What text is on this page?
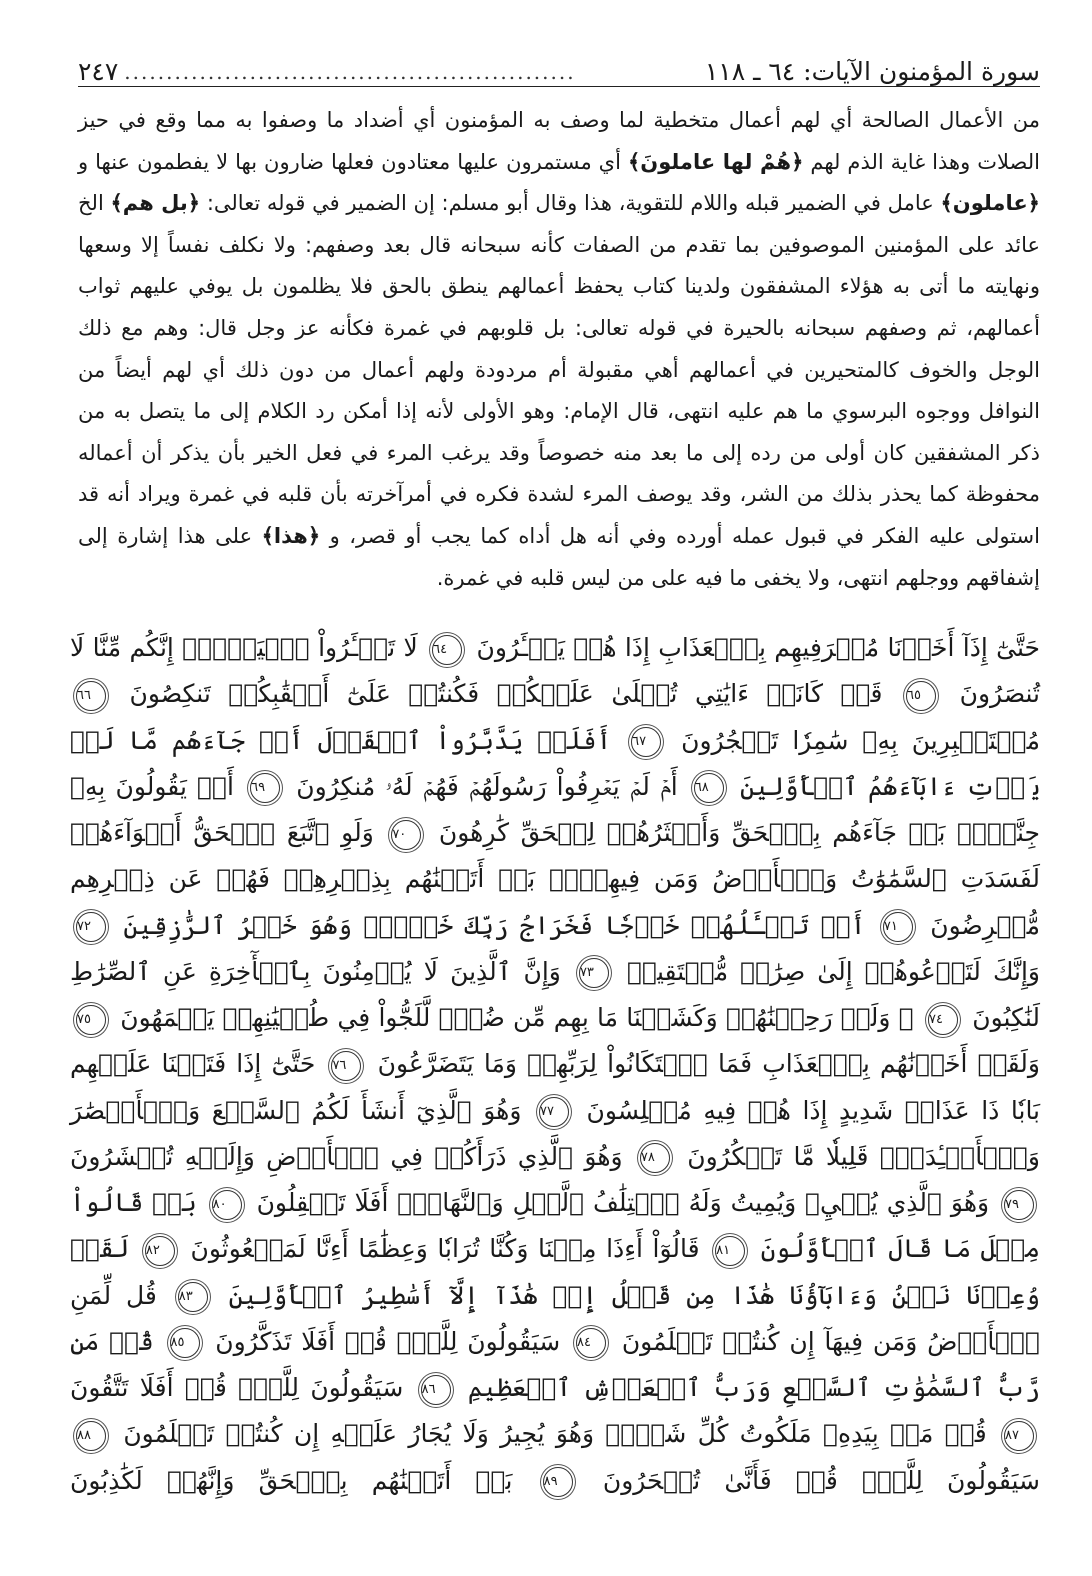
سورة المؤمنون الآيات: ٦٤ ـ ١١٨
......................................................
٢٤٧

من الأعمال الصالحة أي لهم أعمال متخطية لما وصف به المؤمنون أي أضداد ما وصفوا به مما وقع في حيز الصلات وهذا غاية الذم لهم ﴿هُمْ لها عاملونَ﴾ أي مستمرون عليها معتادون فعلها ضارون بها لا يفطمون عنها و ﴿عاملون﴾ عامل في الضمير قبله واللام للتقوية، هذا وقال أبو مسلم: إن الضمير في قوله تعالى: ﴿بل هم﴾ الخ عائد على المؤمنين الموصوفين بما تقدم من الصفات كأنه سبحانه قال بعد وصفهم: ولا نكلف نفساً إلا وسعها ونهايته ما أتى به هؤلاء المشفقون ولدينا كتاب يحفظ أعمالهم ينطق بالحق فلا يظلمون بل يوفي عليهم ثواب أعمالهم، ثم وصفهم سبحانه بالحيرة في قوله تعالى: بل قلوبهم في غمرة فكأنه عز وجل قال: وهم مع ذلك الوجل والخوف كالمتحيرين في أعمالهم أهي مقبولة أم مردودة ولهم أعمال من دون ذلك أي لهم أيضاً من النوافل ووجوه البرسوي ما هم عليه انتهى، قال الإمام: وهو الأولى لأنه إذا أمكن رد الكلام إلى ما يتصل به من ذكر المشفقين كان أولى من رده إلى ما بعد منه خصوصاً وقد يرغب المرء في فعل الخير بأن يذكر أن أعماله محفوظة كما يحذر بذلك من الشر، وقد يوصف المرء لشدة فكره في أمرآخرته بأن قلبه في غمرة ويراد أنه قد استولى عليه الفكر في قبول عمله أورده وفي أنه هل أداه كما يجب أو قصر، و ﴿هذا﴾ على هذا إشارة إلى إشفاقهم ووجلهم انتهى، ولا يخفى ما فيه على من ليس قلبه في غمرة.

حَتَّىٰٓ إِذَآ أَخَذۡنَا مُتۡرَفِيهِم بِٱلۡعَذَابِ إِذَا هُمۡ يَجۡـَٔرُونَ ٦٤ لَا تَجۡـَٔرُواْ ٱلۡيَوۡمَۖ إِنَّكُم مِّنَّا لَا تُنصَرُونَ ٦٥ قَدۡ كَانَتۡ ءَايَٰتِي تُتۡلَىٰ عَلَيۡكُمۡ فَكُنتُمۡ عَلَىٰٓ أَعۡقَٰبِكُمۡ تَنكِصُونَ ٦٦ مُسۡتَكۡبِرِينَ بِهِۦ سَٰمِرٗا تَهۡجُرُونَ ٦٧ أَفَلَمۡ يَدَّبَّرُواْ ٱلۡقَوۡلَ أَمۡ جَآءَهُم مَّا لَمۡ يَأۡتِ ءَابَآءَهُمُ ٱلۡأَوَّلِينَ ٦٨ أَمۡ لَمۡ يَعۡرِفُواْ رَسُولَهُمۡ فَهُمۡ لَهُۥ مُنكِرُونَ ٦٩ أَمۡ يَقُولُونَ بِهِۦ جِنَّةُۢۚ بَلۡ جَآءَهُم بِٱلۡحَقِّ وَأَكۡثَرُهُمۡ لِلۡحَقِّ كَٰرِهُونَ ٧٠ وَلَوِ ٱتَّبَعَ ٱلۡحَقُّ أَهۡوَآءَهُمۡ لَفَسَدَتِ ٱلسَّمَٰوَٰتُ وَٱلۡأَرۡضُ وَمَن فِيهِنَّۚ بَلۡ أَتَيۡنَٰهُم بِذِكۡرِهِمۡ فَهُمۡ عَن ذِكۡرِهِم مُّعۡرِضُونَ ٧١ أَمۡ تَسۡـَٔلُهُمۡ خَرۡجٗا فَخَرَاجُ رَبِّكَ خَيۡرٞۖ وَهُوَ خَيۡرُ ٱلرَّٰزِقِينَ ٧٢ وَإِنَّكَ لَتَدۡعُوهُمۡ إِلَىٰ صِرَٰطٖ مُّسۡتَقِيمٖ ٧٣ وَإِنَّ ٱلَّذِينَ لَا يُؤۡمِنُونَ بِٱلۡأٓخِرَةِ عَنِ ٱلصِّرَٰطِ لَنَٰكِبُونَ ٧٤ ۞ وَلَوۡ رَحِمۡنَٰهُمۡ وَكَشَفۡنَا مَا بِهِم مِّن ضُرّٖ لَّلَجُّواْ فِي طُغۡيَٰنِهِمۡ يَعۡمَهُونَ ٧٥ وَلَقَدۡ أَخَذۡنَٰهُم بِٱلۡعَذَابِ فَمَا ٱسۡتَكَانُواْ لِرَبِّهِمۡ وَمَا يَتَضَرَّعُونَ ٧٦ حَتَّىٰٓ إِذَا فَتَحۡنَا عَلَيۡهِم بَابٗا ذَا عَذَابٖ شَدِيدٍ إِذَا هُمۡ فِيهِ مُبۡلِسُونَ ٧٧ وَهُوَ ٱلَّذِيٓ أَنشَأَ لَكُمُ ٱلسَّمۡعَ وَٱلۡأَبۡصَٰرَ وَٱلۡأَفۡـِٔدَةَۚ قَلِيلٗا مَّا تَشۡكُرُونَ ٧٨ وَهُوَ ٱلَّذِي ذَرَأَكُمۡ فِي ٱلۡأَرۡضِ وَإِلَيۡهِ تُحۡشَرُونَ ٧٩ وَهُوَ ٱلَّذِي يُحۡيِۦ وَيُمِيتُ وَلَهُ ٱخۡتِلَٰفُ ٱلَّيۡلِ وَٱلنَّهَارِۚ أَفَلَا تَعۡقِلُونَ ٨٠ بَلۡ قَالُواْ مِثۡلَ مَا قَالَ ٱلۡأَوَّلُونَ ٨١ قَالُوٓاْ أَءِذَا مِتۡنَا وَكُنَّا تُرَابٗا وَعِظَٰمًا أَءِنَّا لَمَبۡعُوثُونَ ٨٢ لَقَدۡ وُعِدۡنَا نَحۡنُ وَءَابَآؤُنَا هَٰذَا مِن قَبۡلُ إِنۡ هَٰذَآ إِلَّآ أَسَٰطِيرُ ٱلۡأَوَّلِينَ ٨٣ قُل لِّمَنِ ٱلۡأَرۡضُ وَمَن فِيهَآ إِن كُنتُمۡ تَعۡلَمُونَ ٨٤ سَيَقُولُونَ لِلَّهِۚ قُلۡ أَفَلَا تَذَكَّرُونَ ٨٥ قُلۡ مَن رَّبُّ ٱلسَّمَٰوَٰتِ ٱلسَّبۡعِ وَرَبُّ ٱلۡعَرۡشِ ٱلۡعَظِيمِ ٨٦ سَيَقُولُونَ لِلَّهِۚ قُلۡ أَفَلَا تَتَّقُونَ ٨٧ قُلۡ مَنۢ بِيَدِهِۦ مَلَكُوتُ كُلِّ شَيۡءٖ وَهُوَ يُجِيرُ وَلَا يُجَارُ عَلَيۡهِ إِن كُنتُمۡ تَعۡلَمُونَ ٨٨ سَيَقُولُونَ لِلَّهِۚ قُلۡ فَأَنَّىٰ تُسۡحَرُونَ ٨٩ بَلۡ أَتَيۡنَٰهُم بِٱلۡحَقِّ وَإِنَّهُمۡ لَكَٰذِبُونَ
